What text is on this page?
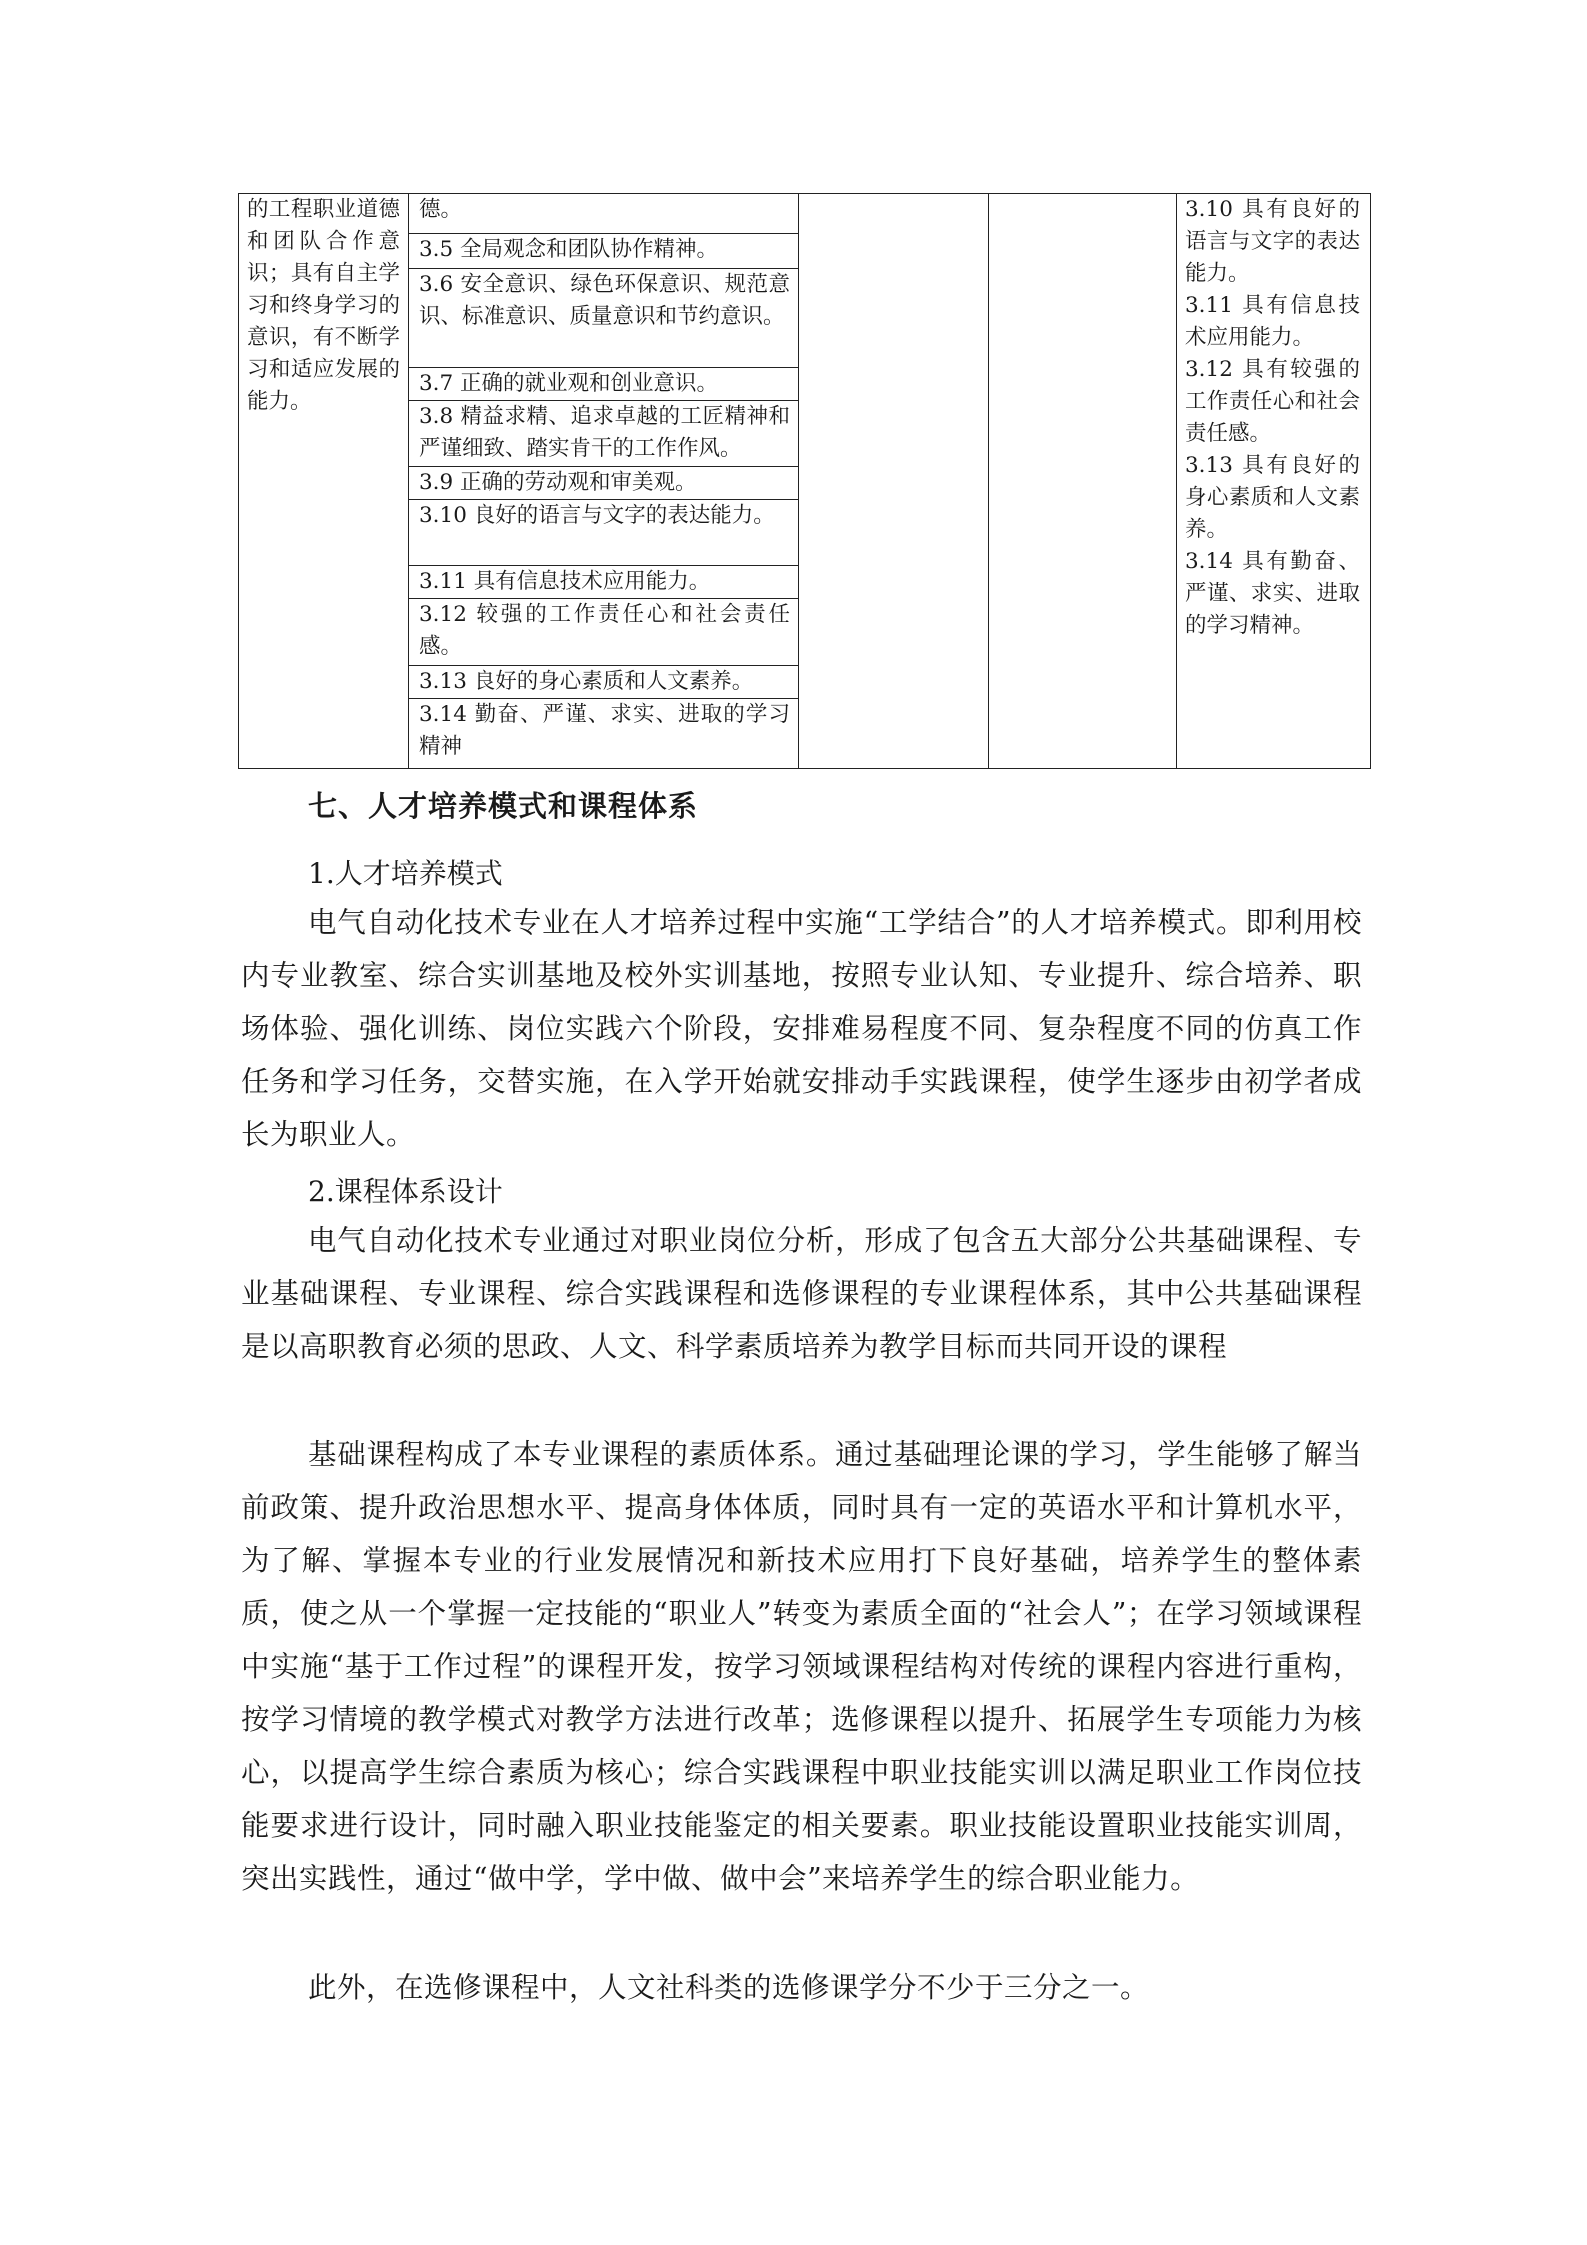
的工程职业道德和团队合作意识；具有自主学习和终身学习的意识，有不断学习和适应发展的能力。
德。
3.5 全局观念和团队协作精神。
3.6 安全意识、绿色环保意识、规范意识、标准意识、质量意识和节约意识。
3.7 正确的就业观和创业意识。
3.8 精益求精、追求卓越的工匠精神和严谨细致、踏实肯干的工作作风。
3.9 正确的劳动观和审美观。
3.10 良好的语言与文字的表达能力。
3.11 具有信息技术应用能力。
3.12 较强的工作责任心和社会责任感。
3.13 良好的身心素质和人文素养。
3.14 勤奋、严谨、求实、进取的学习精神
3.10 具有良好的语言与文字的表达能力。
3.11 具有信息技术应用能力。
3.12 具有较强的工作责任心和社会责任感。
3.13 具有良好的身心素质和人文素养。
3.14 具有勤奋、严谨、求实、进取的学习精神。
七、人才培养模式和课程体系
1.人才培养模式
电气自动化技术专业在人才培养过程中实施“工学结合”的人才培养模式。即利用校内专业教室、综合实训基地及校外实训基地，按照专业认知、专业提升、综合培养、职场体验、强化训练、岗位实践六个阶段，安排难易程度不同、复杂程度不同的仿真工作任务和学习任务，交替实施，在入学开始就安排动手实践课程，使学生逐步由初学者成长为职业人。
2.课程体系设计
电气自动化技术专业通过对职业岗位分析，形成了包含五大部分公共基础课程、专业基础课程、专业课程、综合实践课程和选修课程的专业课程体系，其中公共基础课程是以高职教育必须的思政、人文、科学素质培养为教学目标而共同开设的课程
基础课程构成了本专业课程的素质体系。通过基础理论课的学习，学生能够了解当前政策、提升政治思想水平、提高身体体质，同时具有一定的英语水平和计算机水平，为了解、掌握本专业的行业发展情况和新技术应用打下良好基础，培养学生的整体素质，使之从一个掌握一定技能的“职业人”转变为素质全面的“社会人”；在学习领域课程中实施“基于工作过程”的课程开发，按学习领域课程结构对传统的课程内容进行重构，按学习情境的教学模式对教学方法进行改革；选修课程以提升、拓展学生专项能力为核心，以提高学生综合素质为核心；综合实践课程中职业技能实训以满足职业工作岗位技能要求进行设计，同时融入职业技能鉴定的相关要素。职业技能设置职业技能实训周，突出实践性，通过“做中学，学中做、做中会”来培养学生的综合职业能力。
此外，在选修课程中，人文社科类的选修课学分不少于三分之一。
